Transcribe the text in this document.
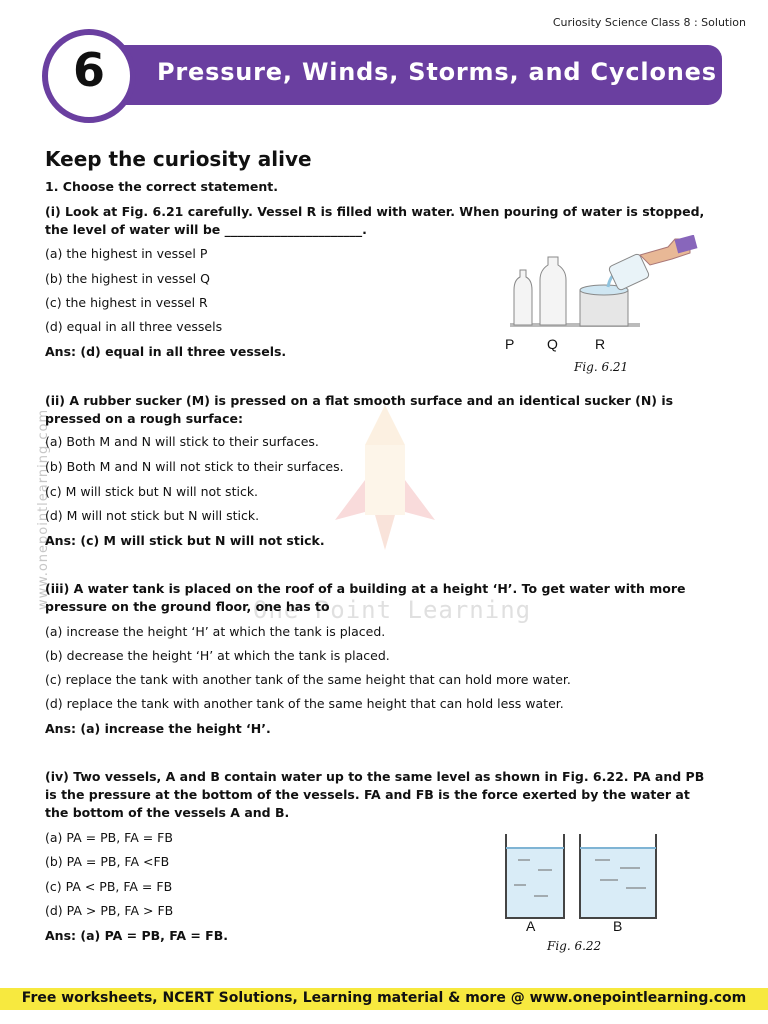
Curiosity Science Class 8 : Solution
Pressure, Winds, Storms, and Cyclones
6
www.onepointlearning.com	One Point Learning
Keep the curiosity alive
1. Choose the correct statement.
(i) Look at Fig. 6.21 carefully. Vessel R is filled with water. When pouring of water is stopped, the level of water will be ______________________.
(a) the highest in vessel P
(b) the highest in vessel Q
(c) the highest in vessel R
(d) equal in all three vessels
Ans: (d) equal in all three vessels.	P Q	R
Fig. 6.21
(ii) A rubber sucker (M) is pressed on a flat smooth surface and an identical sucker (N) is pressed on a rough surface:
(a) Both M and N will stick to their surfaces.
(b) Both M and N will not stick to their surfaces.
(c) M will stick but N will not stick.
(d) M will not stick but N will stick.
Ans: (c) M will stick but N will not stick.
(iii) A water tank is placed on the roof of a building at a height ‘H’. To get water with more pressure on the ground floor, one has to
(a) increase the height ‘H’ at which the tank is placed.
(b) decrease the height ‘H’ at which the tank is placed.
(c) replace the tank with another tank of the same height that can hold more water.
(d) replace the tank with another tank of the same height that can hold less water.
Ans: (a) increase the height ‘H’.
(iv) Two vessels, A and B contain water up to the same level as shown in Fig. 6.22. PA and PB is the pressure at the bottom of the vessels. FA and FB is the force exerted by the water at the bottom of the vessels A and B.
(a) PA = PB, FA = FB
(b) PA = PB, FA <FB
(c) PA < PB, FA = FB
(d) PA > PB, FA > FB
Ans: (a) PA = PB, FA = FB.
A	B
Fig. 6.22
Free worksheets, NCERT Solutions, Learning material & more @ www.onepointlearning.com
